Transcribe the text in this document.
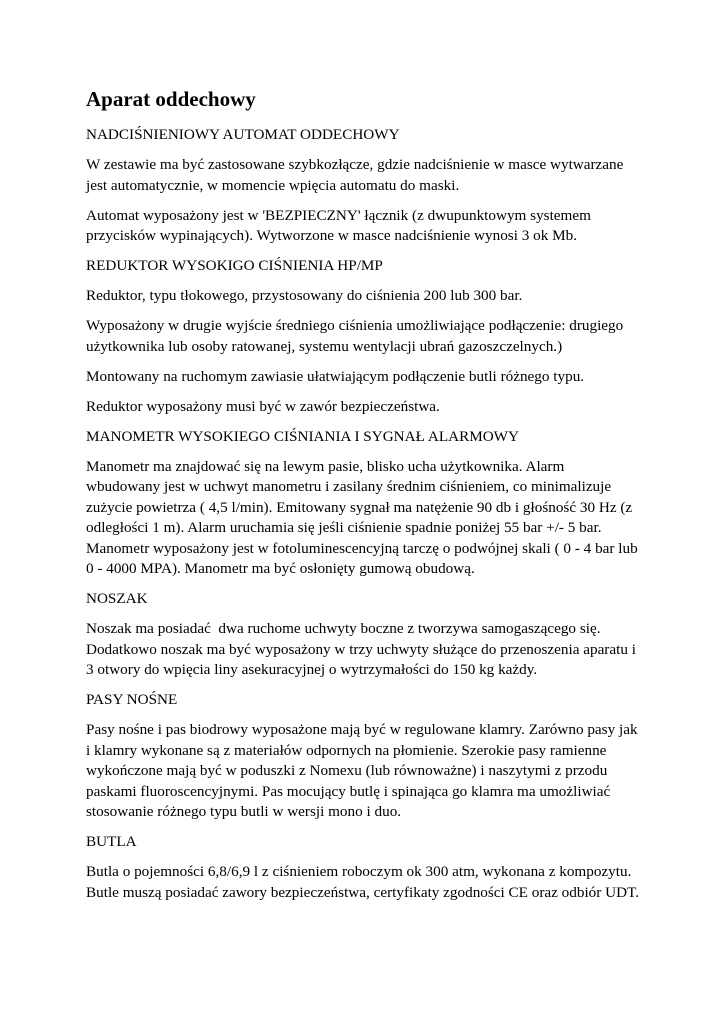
Aparat oddechowy

NADCIŚNIENIOWY AUTOMAT ODDECHOWY

W zestawie ma być zastosowane szybkozłącze, gdzie nadciśnienie w masce wytwarzane jest automatycznie, w momencie wpięcia automatu do maski.

Automat wyposażony jest w 'BEZPIECZNY' łącznik (z dwupunktowym systemem przycisków wypinających). Wytworzone w masce nadciśnienie wynosi 3 ok Mb.

REDUKTOR WYSOKIGO CIŚNIENIA HP/MP

Reduktor, typu tłokowego, przystosowany do ciśnienia 200 lub 300 bar.

Wyposażony w drugie wyjście średniego ciśnienia umożliwiające podłączenie: drugiego użytkownika lub osoby ratowanej, systemu wentylacji ubrań gazoszczelnych.)

Montowany na ruchomym zawiasie ułatwiającym podłączenie butli różnego typu.

Reduktor wyposażony musi być w zawór bezpieczeństwa.

MANOMETR WYSOKIEGO CIŚNIANIA I SYGNAŁ ALARMOWY

Manometr ma znajdować się na lewym pasie, blisko ucha użytkownika. Alarm wbudowany jest w uchwyt manometru i zasilany średnim ciśnieniem, co minimalizuje zużycie powietrza ( 4,5 l/min). Emitowany sygnał ma natężenie 90 db i głośność 30 Hz (z odległości 1 m). Alarm uruchamia się jeśli ciśnienie spadnie poniżej 55 bar +/- 5 bar. Manometr wyposażony jest w fotoluminescencyjną tarczę o podwójnej skali ( 0 - 4 bar lub 0 - 4000 MPA). Manometr ma być osłonięty gumową obudową.

NOSZAK

Noszak ma posiadać  dwa ruchome uchwyty boczne z tworzywa samogaszącego się. Dodatkowo noszak ma być wyposażony w trzy uchwyty służące do przenoszenia aparatu i 3 otwory do wpięcia liny asekuracyjnej o wytrzymałości do 150 kg każdy.

PASY NOŚNE

Pasy nośne i pas biodrowy wyposażone mają być w regulowane klamry. Zarówno pasy jak i klamry wykonane są z materiałów odpornych na płomienie. Szerokie pasy ramienne wykończone mają być w poduszki z Nomexu (lub równoważne) i naszytymi z przodu paskami fluoroscencyjnymi. Pas mocujący butlę i spinająca go klamra ma umożliwiać stosowanie różnego typu butli w wersji mono i duo.

BUTLA

Butla o pojemności 6,8/6,9 l z ciśnieniem roboczym ok 300 atm, wykonana z kompozytu. Butle muszą posiadać zawory bezpieczeństwa, certyfikaty zgodności CE oraz odbiór UDT.
